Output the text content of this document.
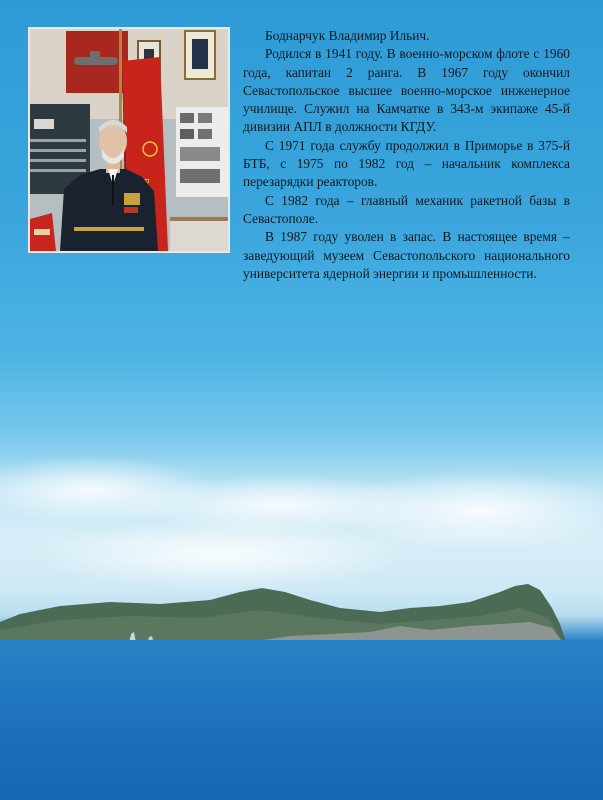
Боднарчук Владимир Ильич.

Родился в 1941 году. В военно-морском флоте с 1960 года, капитан 2 ранга. В 1967 году окончил Севастопольское высшее военно-морское инженерное училище. Служил на Камчатке в 343-м экипаже 45-й дивизии АПЛ в должности КГДУ.

С 1971 года службу продолжил в Приморье в 375-й БТБ, с 1975 по 1982 год – начальник комплекса перезарядки реакторов.

С 1982 года – главный механик ракетной базы в Севастополе.

В 1987 году уволен в запас. В настоящее время – заведующий музеем Севастопольского национального университета ядерной энергии и промышленности.
